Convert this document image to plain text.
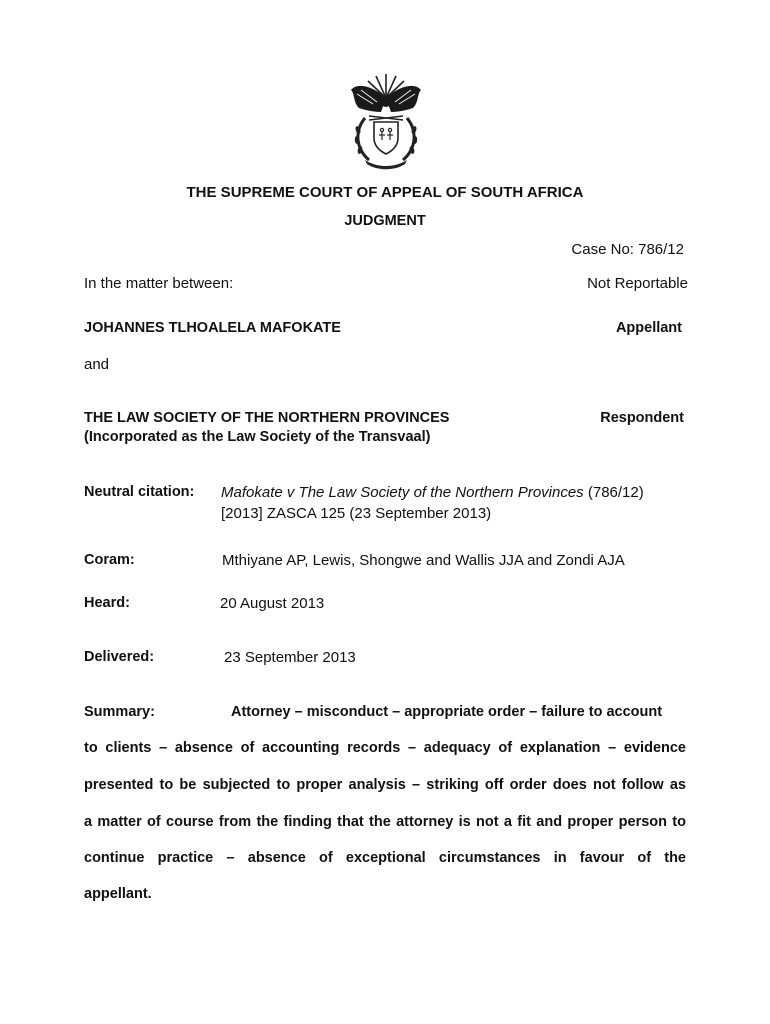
THE SUPREME COURT OF APPEAL OF SOUTH AFRICA
JUDGMENT
Case No: 786/12
In the matter between:	Not Reportable
JOHANNES TLHOALELA MAFOKATE	Appellant
and
THE LAW SOCIETY OF THE NORTHERN PROVINCES	Respondent
(Incorporated as the Law Society of the Transvaal)
Neutral citation: Mafokate v The Law Society of the Northern Provinces (786/12)
[2013] ZASCA 125 (23 September 2013)
Coram:	Mthiyane AP, Lewis, Shongwe and Wallis JJA and Zondi AJA
Heard:	20 August 2013
Delivered:	23 September 2013
Summary:	Attorney – misconduct – appropriate order – failure to account
to clients – absence of accounting records – adequacy of explanation – evidence
presented to be subjected to proper analysis – striking off order does not follow as
a matter of course from the finding that the attorney is not a fit and proper person to
continue practice – absence of exceptional circumstances in favour of the
appellant.
